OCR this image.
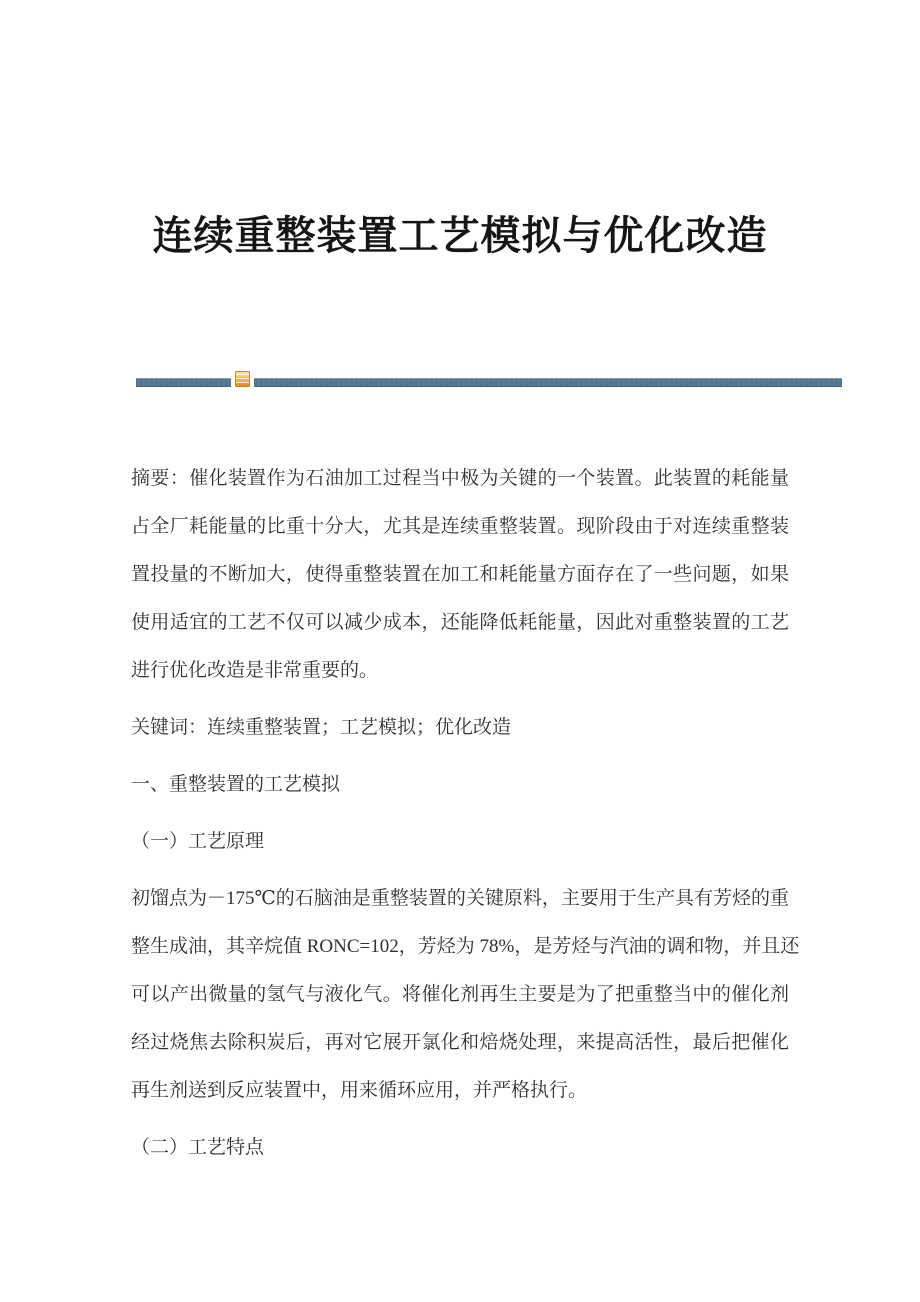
连续重整装置工艺模拟与优化改造

摘要：催化装置作为石油加工过程当中极为关键的一个装置。此装置的耗能量
占全厂耗能量的比重十分大，尤其是连续重整装置。现阶段由于对连续重整装
置投量的不断加大，使得重整装置在加工和耗能量方面存在了一些问题，如果
使用适宜的工艺不仅可以减少成本，还能降低耗能量，因此对重整装置的工艺
进行优化改造是非常重要的。

关键词：连续重整装置；工艺模拟；优化改造

一、重整装置的工艺模拟

（一）工艺原理

初馏点为－175℃的石脑油是重整装置的关键原料，主要用于生产具有芳烃的重
整生成油，其辛烷值 RONC=102，芳烃为 78%，是芳烃与汽油的调和物，并且还
可以产出微量的氢气与液化气。将催化剂再生主要是为了把重整当中的催化剂
经过烧焦去除积炭后，再对它展开氯化和焙烧处理，来提高活性，最后把催化
再生剂送到反应装置中，用来循环应用，并严格执行。

（二）工艺特点
